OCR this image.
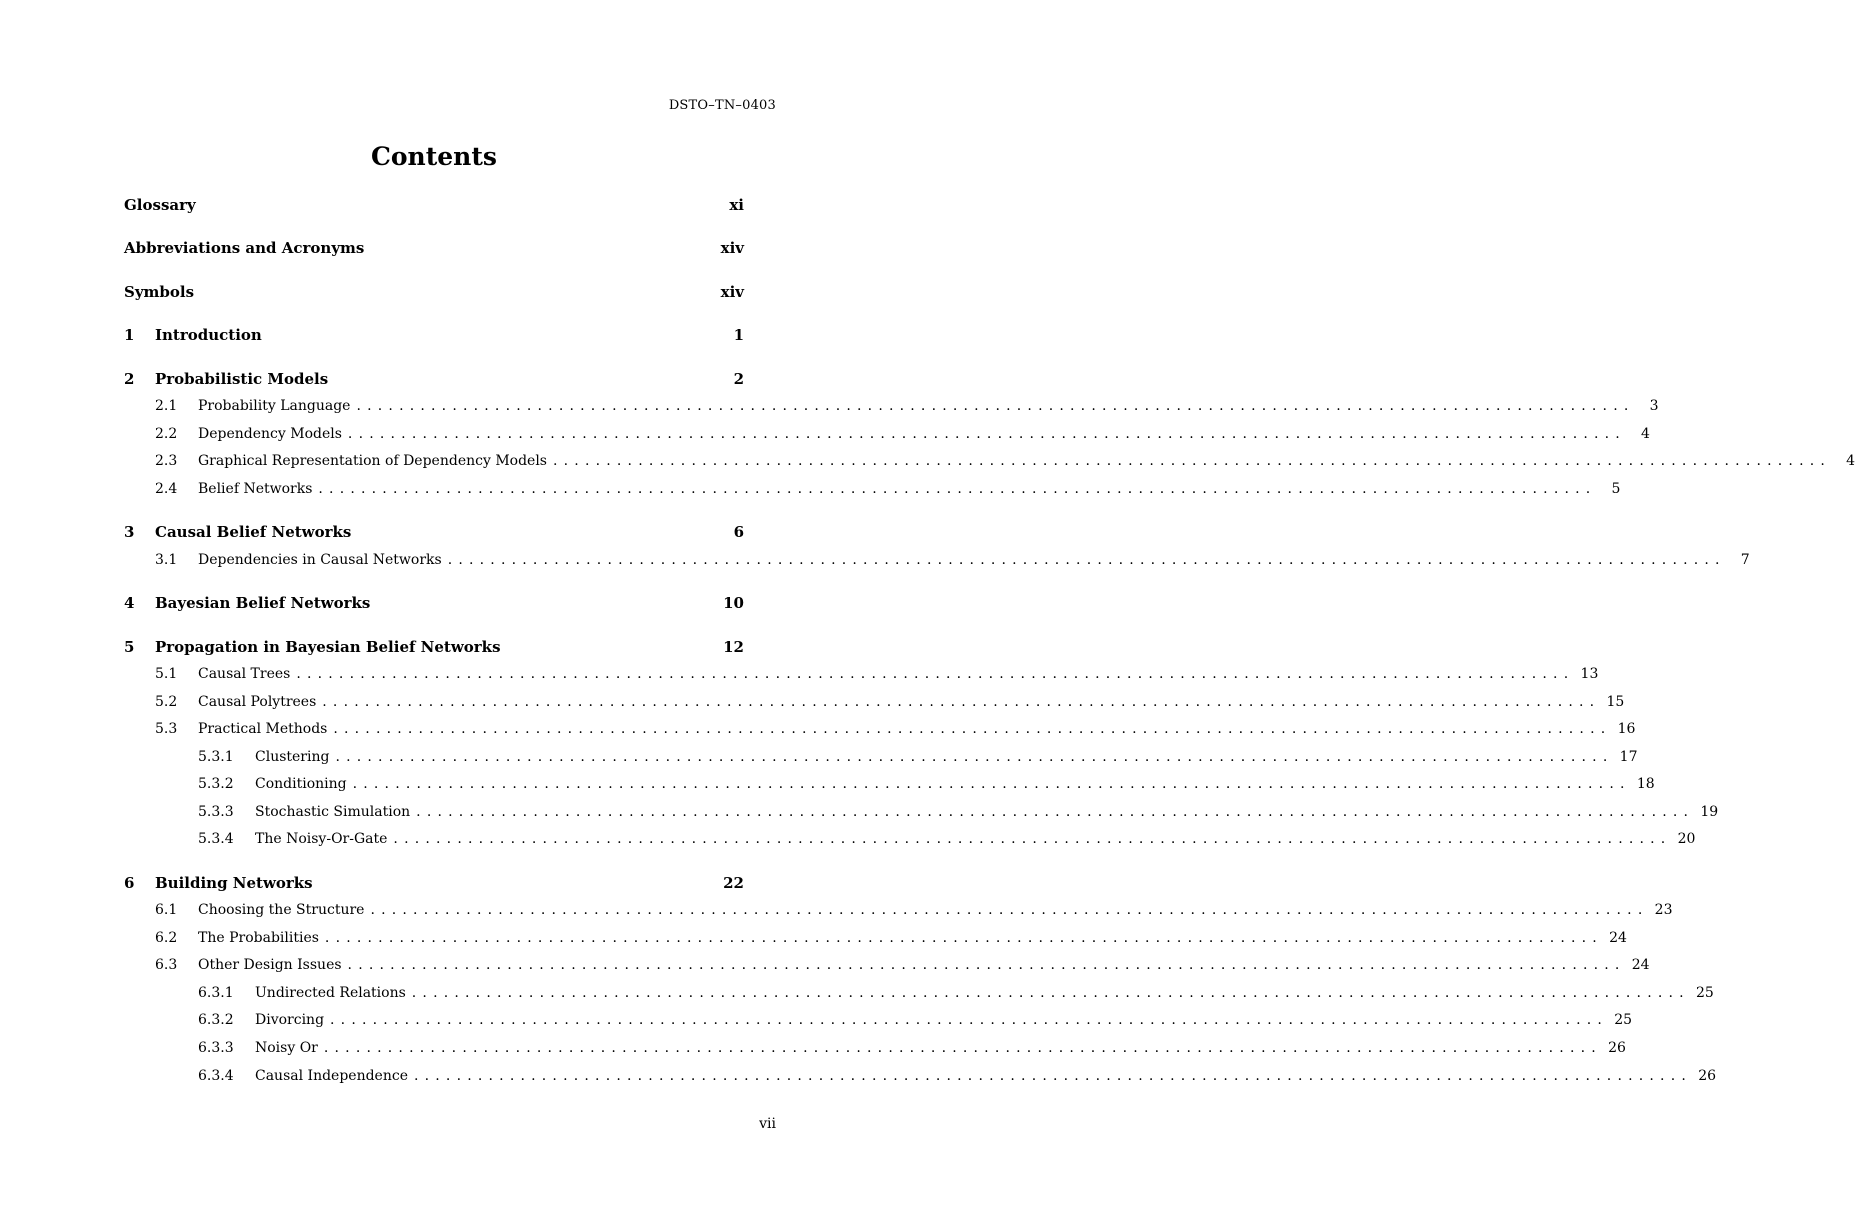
DSTO–TN–0403
Contents
Glossary	xi
Abbreviations and Acronyms	xiv
Symbols	xiv
1	Introduction	1
2	Probabilistic Models	2
2.1	Probability Language ........................................................................................................................	3
2.2	Dependency Models ........................................................................................................................	4
2.3	Graphical Representation of Dependency Models ........................................................................................................................	4
2.4	Belief Networks ........................................................................................................................	5
3	Causal Belief Networks	6
3.1	Dependencies in Causal Networks ........................................................................................................................	7
4	Bayesian Belief Networks	10
5	Propagation in Bayesian Belief Networks	12
5.1	Causal Trees ........................................................................................................................ 13
5.2	Causal Polytrees ........................................................................................................................ 15
5.3	Practical Methods ........................................................................................................................ 16
5.3.1	Clustering ........................................................................................................................ 17
5.3.2	Conditioning ........................................................................................................................ 18
5.3.3	Stochastic Simulation ........................................................................................................................ 19
5.3.4	The Noisy-Or-Gate ........................................................................................................................ 20
6	Building Networks	22
6.1	Choosing the Structure ........................................................................................................................ 23
6.2	The Probabilities ........................................................................................................................ 24
6.3	Other Design Issues ........................................................................................................................ 24
6.3.1	Undirected Relations ........................................................................................................................ 25
6.3.2	Divorcing ........................................................................................................................ 25
6.3.3	Noisy Or ........................................................................................................................ 26
6.3.4	Causal Independence ........................................................................................................................ 26
vii
